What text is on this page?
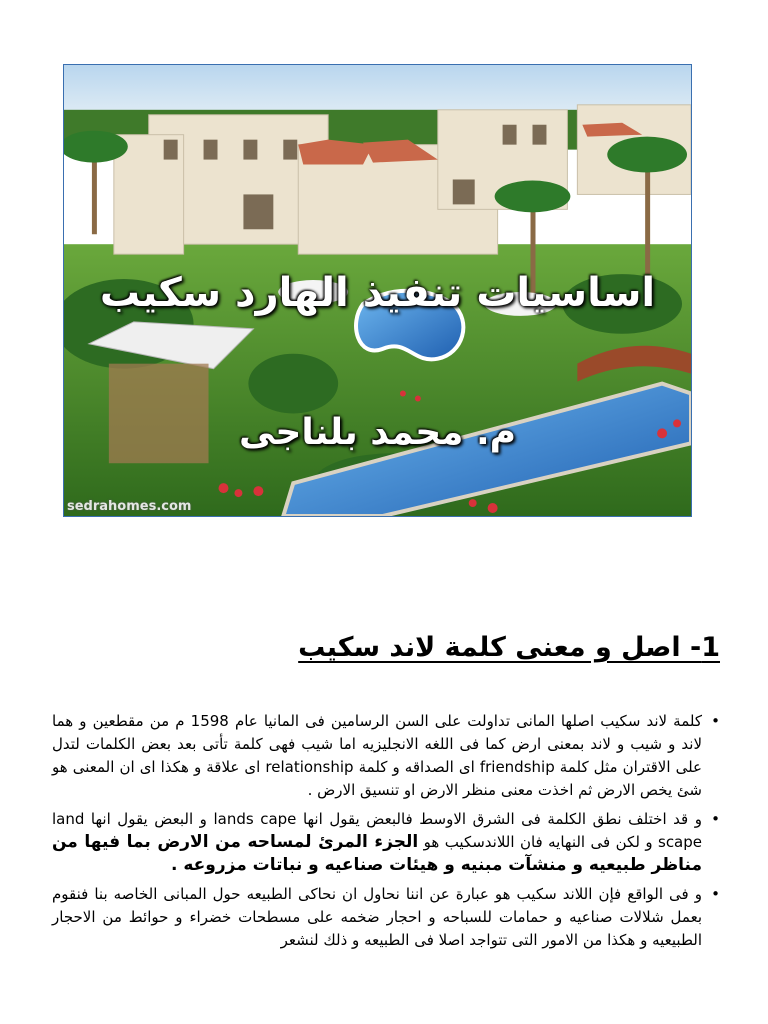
اساسيات تنفيذ الهارد سكيب
م. محمد بلناجى
sedrahomes.com
1- اصل و معنى كلمة لاند سكيب
• كلمة لاند سكيب اصلها المانى تداولت على السن الرسامين فى المانيا عام 1598 م من مقطعين و هما لاند و شيب و لاند بمعنى ارض كما فى اللغه الانجليزيه اما شيب فهى كلمة تأتى بعد بعض الكلمات لتدل على الاقتران مثل كلمة friendship اى الصداقه و كلمة relationship اى علاقة و هكذا اى ان المعنى هو شئ يخص الارض ثم اخذت معنى منظر الارض او تنسيق الارض .
• و قد اختلف نطق الكلمة فى الشرق الاوسط فالبعض يقول انها lands cape و البعض يقول انها land scape و لكن فى النهايه فان اللاندسكيب هو الجزء المرئ لمساحه من الارض بما فيها من مناظر طبيعيه و منشآت مبنيه و هيئات صناعيه و نباتات مزروعه .
• و فى الواقع فإن اللاند سكيب هو عبارة عن اننا نحاول ان نحاكى الطبيعه حول المبانى الخاصه بنا فنقوم بعمل شلالات صناعيه و حمامات للسباحه و احجار ضخمه على مسطحات خضراء و حوائط من الاحجار الطبيعيه و هكذا من الامور التى تتواجد اصلا فى الطبيعه و ذلك لنشعر
